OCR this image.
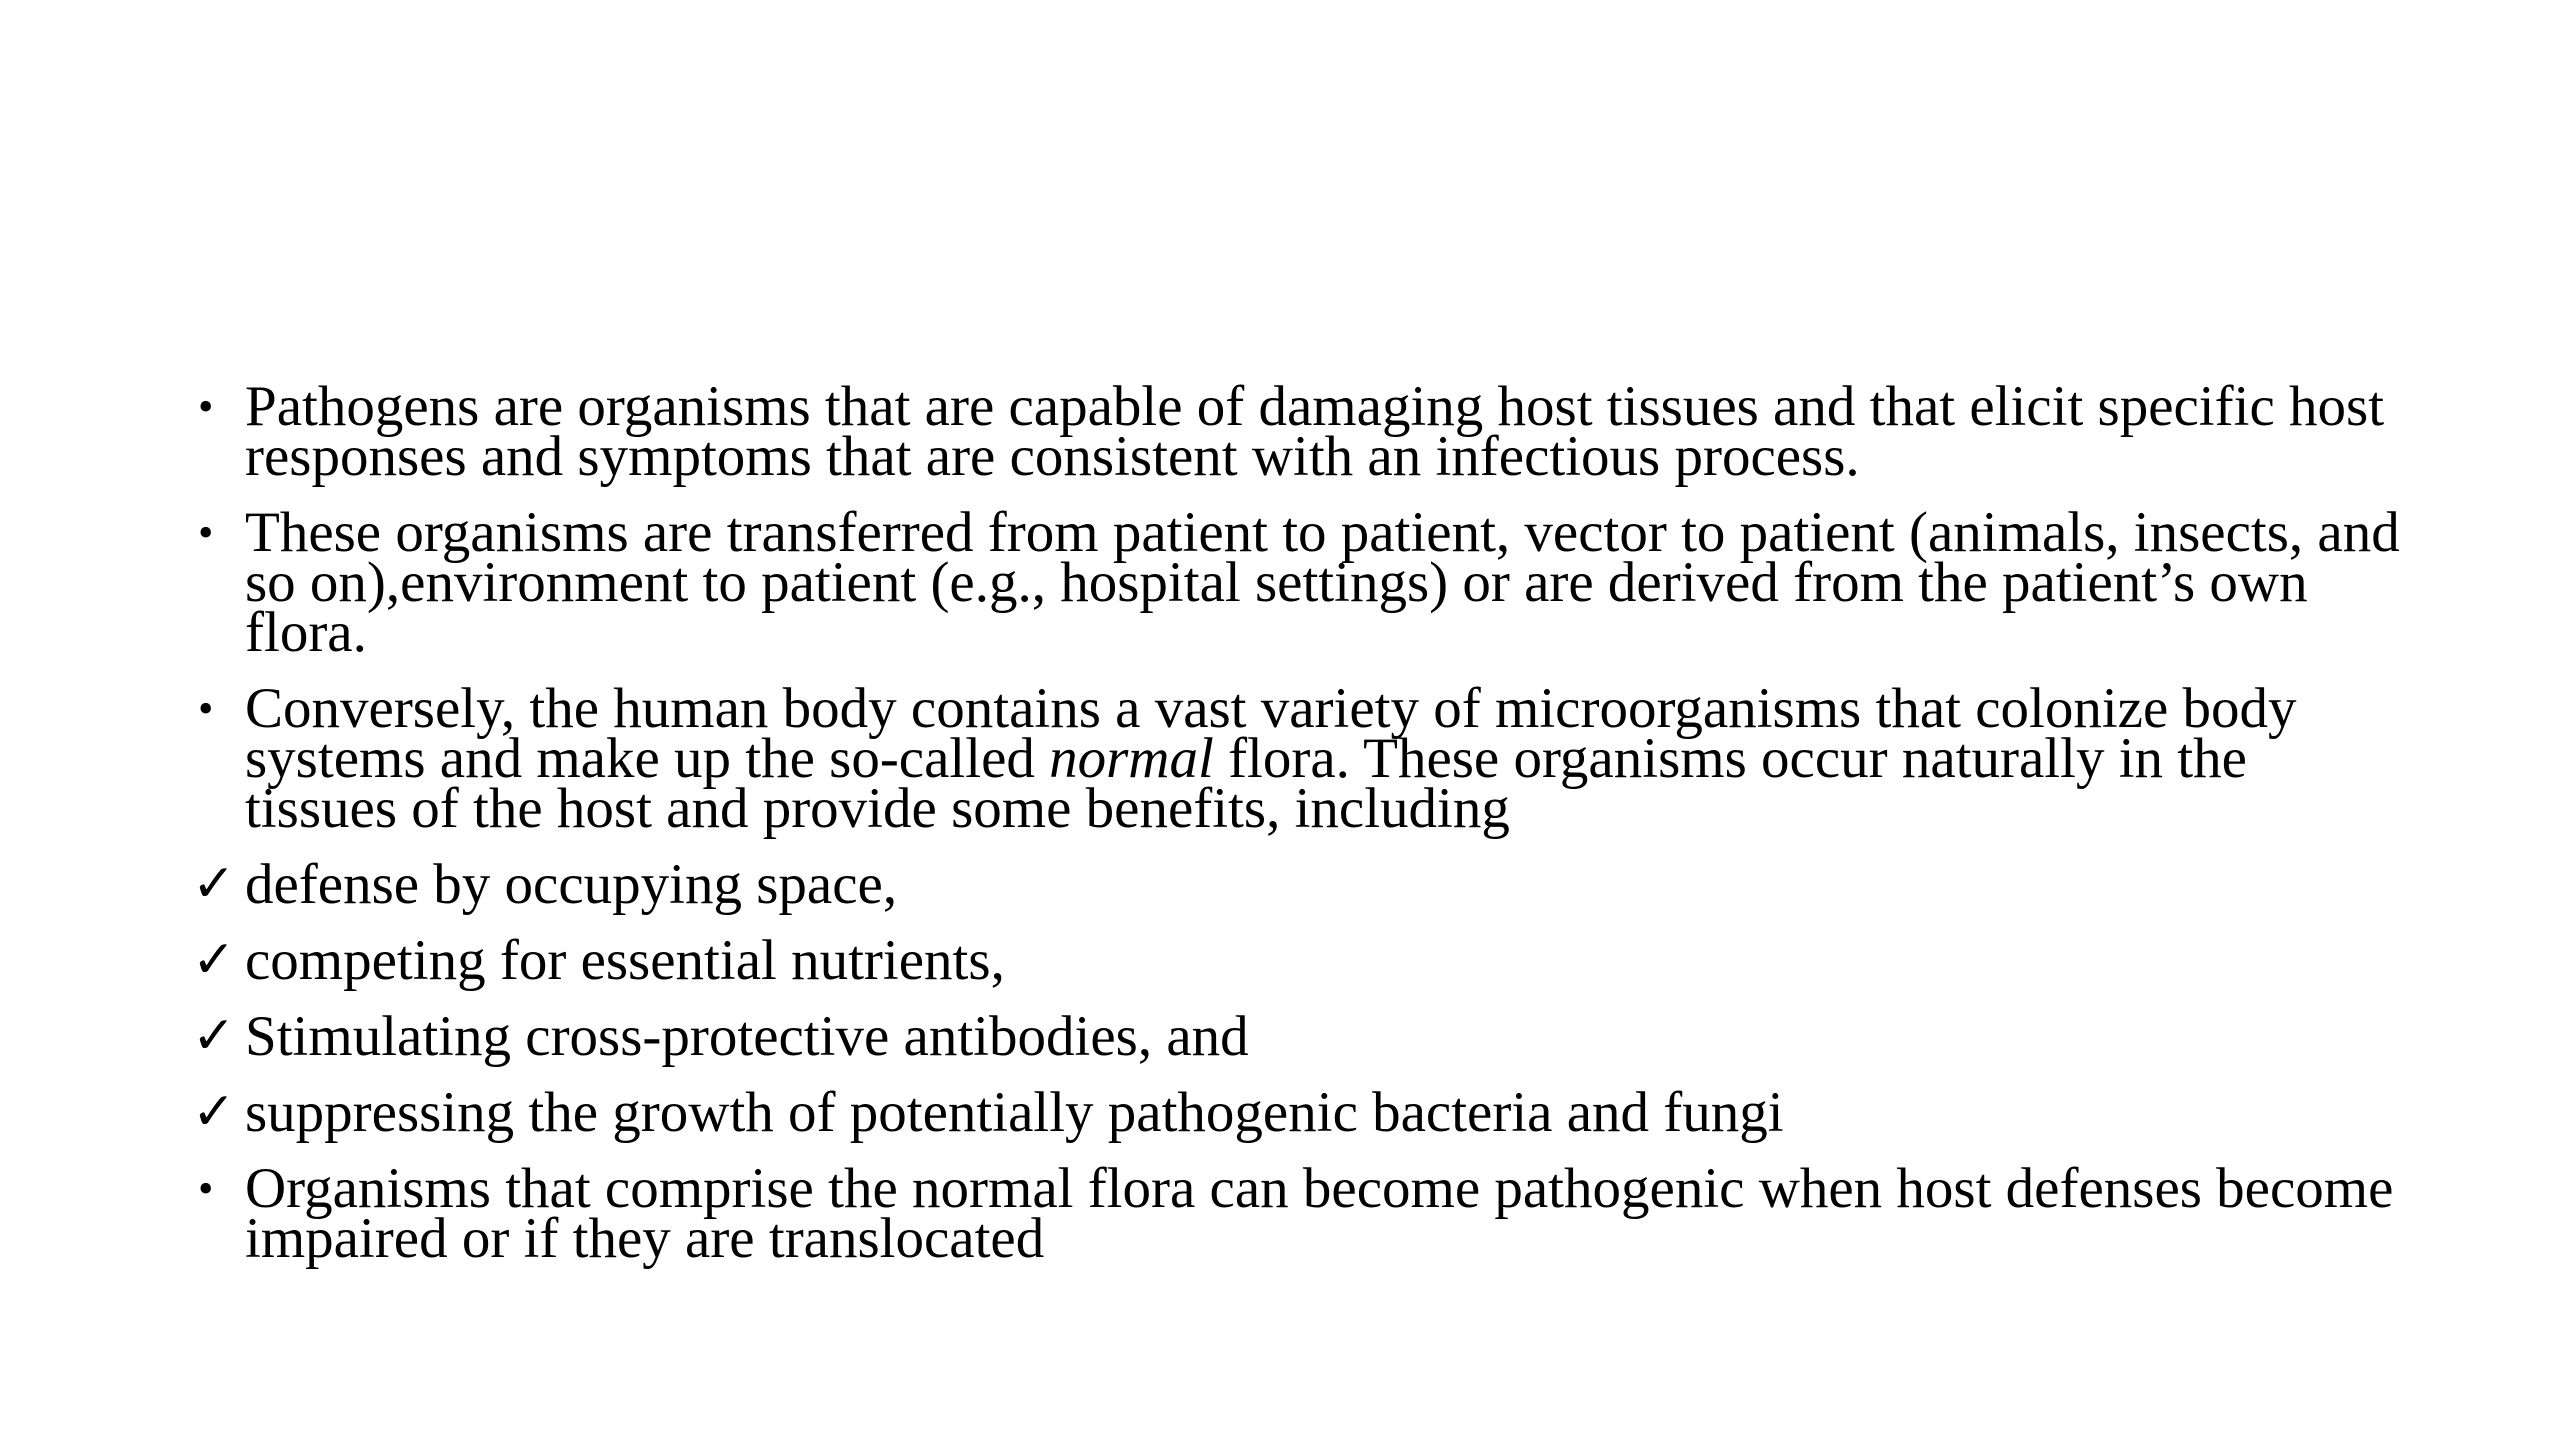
• Pathogens are organisms that are capable of damaging host tissues and that elicit specific host responses and symptoms that are consistent with an infectious process.
• These organisms are transferred from patient to patient, vector to patient (animals, insects, and so on),environment to patient (e.g., hospital settings) or are derived from the patient’s own flora.
• Conversely, the human body contains a vast variety of microorganisms that colonize body systems and make up the so-called normal flora. These organisms occur naturally in the tissues of the host and provide some benefits, including
✓ defense by occupying space,
✓ competing for essential nutrients,
✓ Stimulating cross-protective antibodies, and
✓ suppressing the growth of potentially pathogenic bacteria and fungi
• Organisms that comprise the normal flora can become pathogenic when host defenses become impaired or if they are translocated
